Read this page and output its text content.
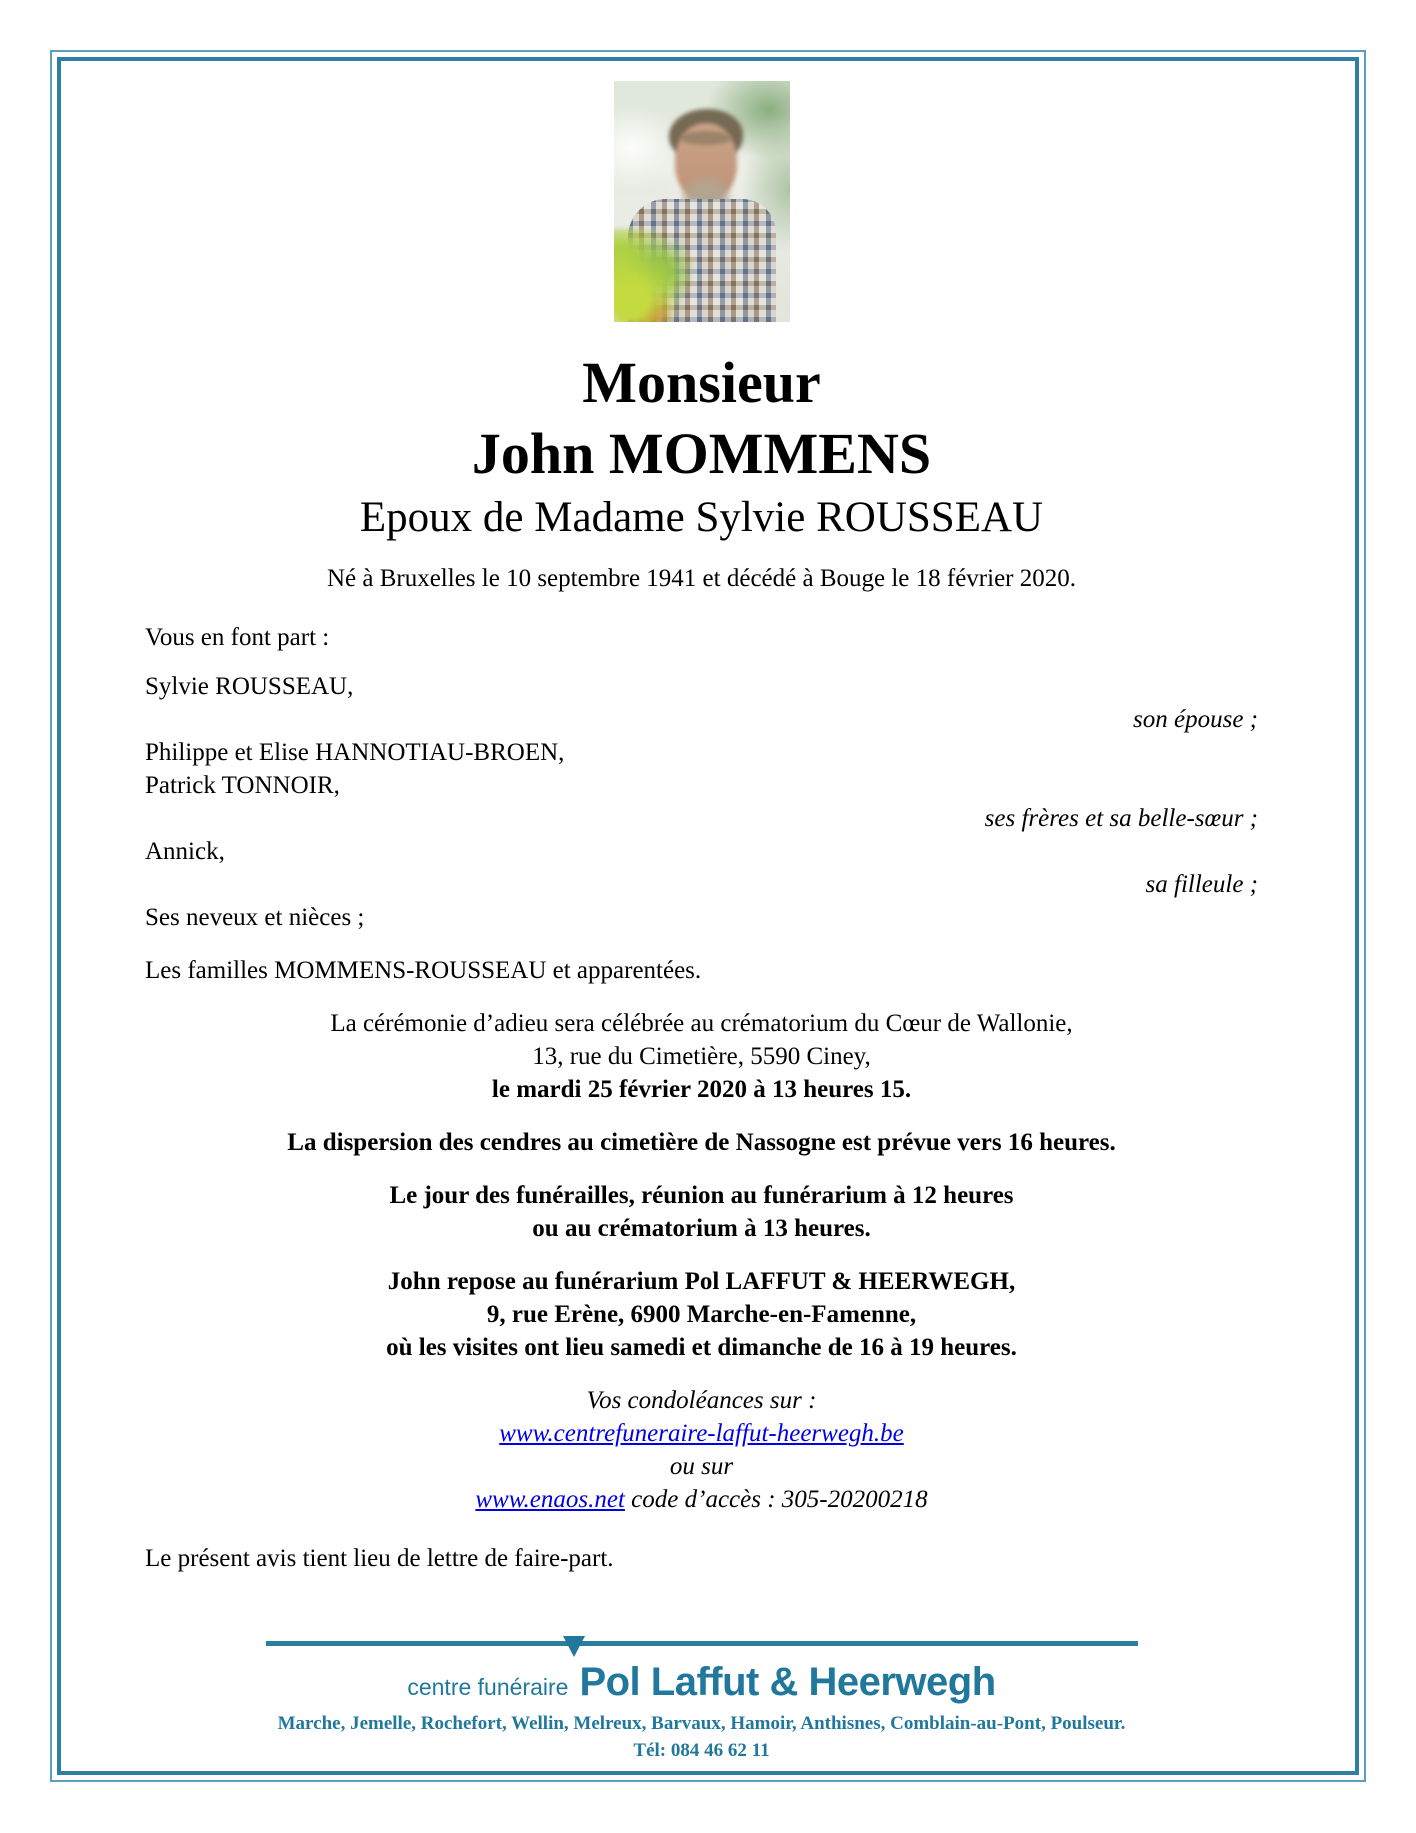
Monsieur
John MOMMENS
Epoux de Madame Sylvie ROUSSEAU
Né à Bruxelles le 10 septembre 1941 et décédé à Bouge le 18 février 2020.
Vous en font part :
Sylvie ROUSSEAU,
son épouse ;
Philippe et Elise HANNOTIAU-BROEN,
Patrick TONNOIR,
ses frères et sa belle-sœur ;
Annick,
sa filleule ;
Ses neveux et nièces ;
Les familles MOMMENS-ROUSSEAU et apparentées.
La cérémonie d’adieu sera célébrée au crématorium du Cœur de Wallonie,
13, rue du Cimetière, 5590 Ciney,
le mardi 25 février 2020 à 13 heures 15.
La dispersion des cendres au cimetière de Nassogne est prévue vers 16 heures.
Le jour des funérailles, réunion au funérarium à 12 heures
ou au crématorium à 13 heures.
John repose au funérarium Pol LAFFUT & HEERWEGH,
9, rue Erène, 6900 Marche-en-Famenne,
où les visites ont lieu samedi et dimanche de 16 à 19 heures.
Vos condoléances sur :
www.centrefuneraire-laffut-heerwegh.be
ou sur
www.enaos.net code d’accès : 305-20200218
Le présent avis tient lieu de lettre de faire-part.
centre funéraire Pol Laffut & Heerwegh
Marche, Jemelle, Rochefort, Wellin, Melreux, Barvaux, Hamoir, Anthisnes, Comblain-au-Pont, Poulseur.
Tél: 084 46 62 11
